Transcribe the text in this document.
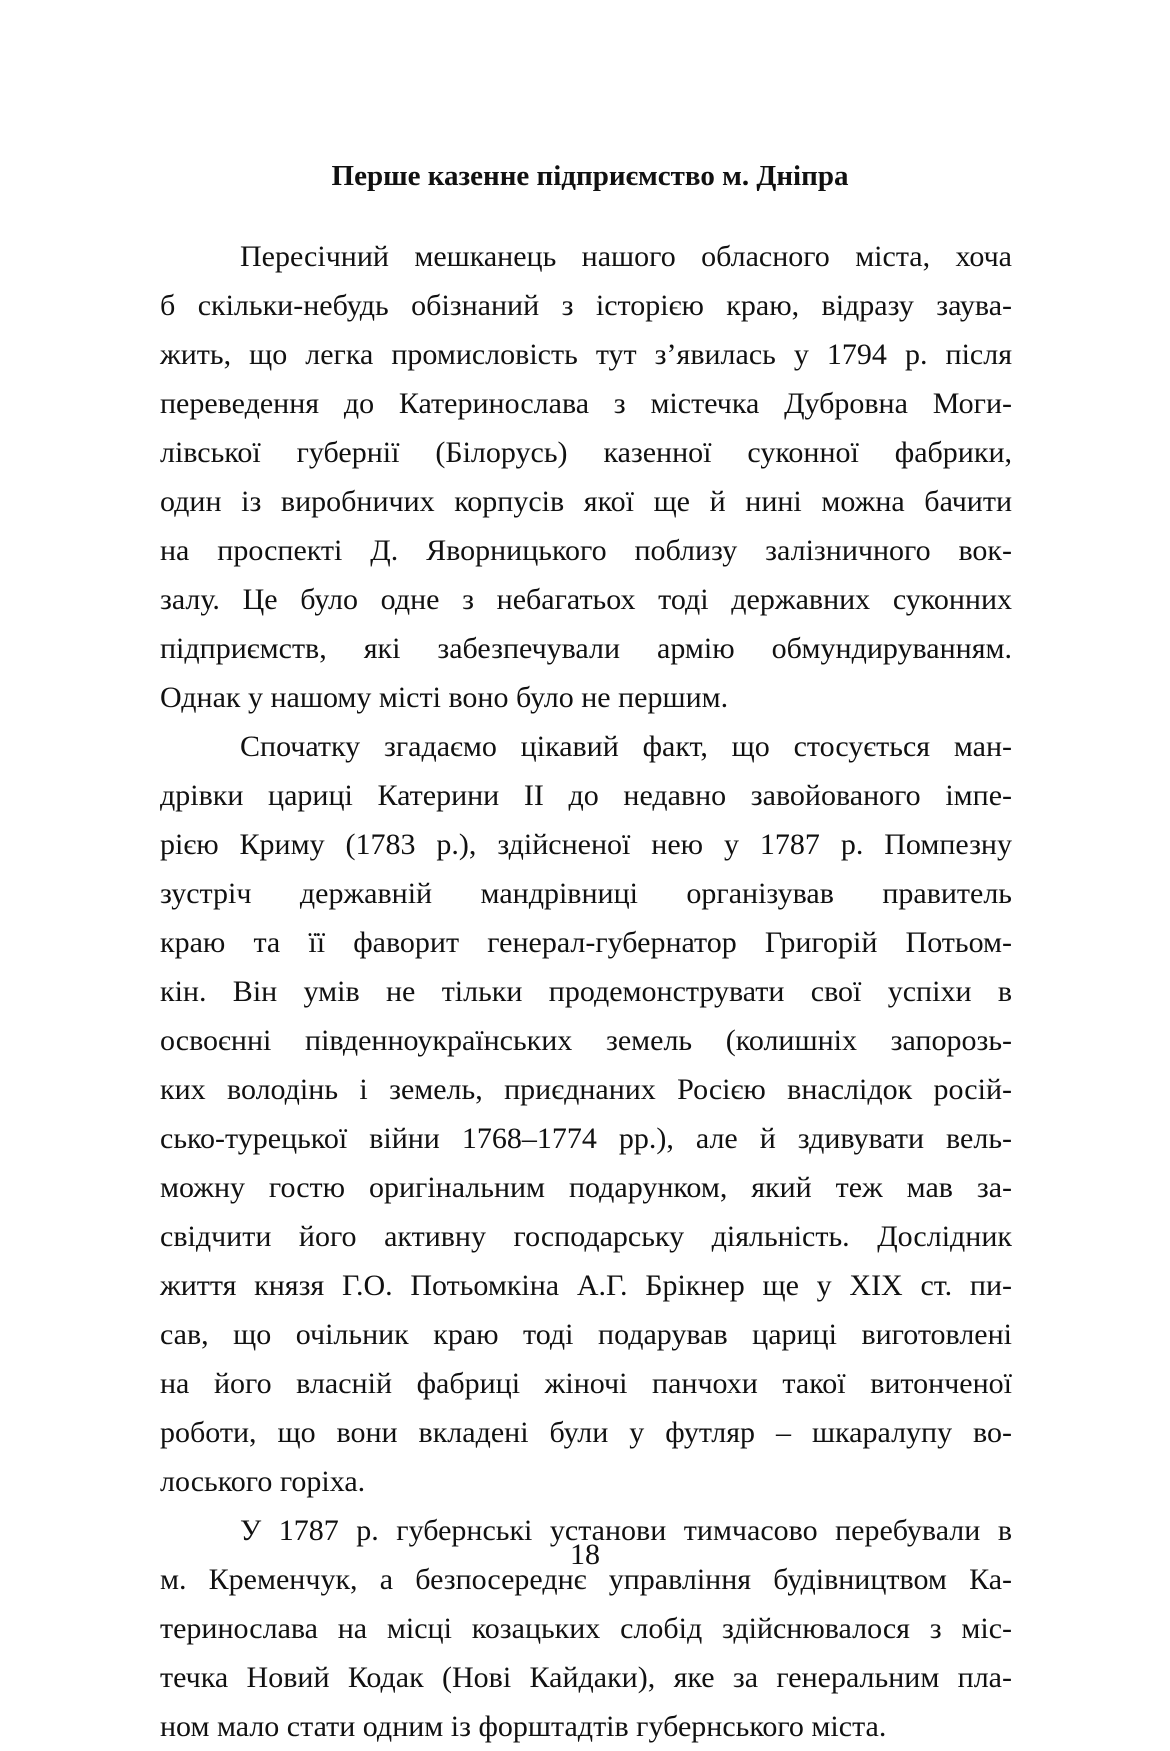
Перше казенне підприємство м. Дніпра
Пересічний мешканець нашого обласного міста, хоча
б скільки-небудь обізнаний з історією краю, відразу заува-
жить, що легка промисловість тут з’явилась у 1794 р. після
переведення до Катеринослава з містечка Дубровна Моги-
лівської губернії (Білорусь) казенної суконної фабрики,
один із виробничих корпусів якої ще й нині можна бачити
на проспекті Д. Яворницького поблизу залізничного вок-
залу. Це було одне з небагатьох тоді державних суконних
підприємств, які забезпечували армію обмундируванням.
Однак у нашому місті воно було не першим.
Спочатку згадаємо цікавий факт, що стосується ман-
дрівки цариці Катерини II до недавно завойованого імпе-
рією Криму (1783 р.), здійсненої нею у 1787 р. Помпезну
зустріч державній мандрівниці організував правитель
краю та її фаворит генерал-губернатор Григорій Потьом-
кін. Він умів не тільки продемонструвати свої успіхи в
освоєнні південноукраїнських земель (колишніх запорозь-
ких володінь і земель, приєднаних Росією внаслідок росій-
сько-турецької війни 1768–1774 рр.), але й здивувати вель-
можну гостю оригінальним подарунком, який теж мав за-
свідчити його активну господарську діяльність. Дослідник
життя князя Г.О. Потьомкіна А.Г. Брікнер ще у XIX ст. пи-
сав, що очільник краю тоді подарував цариці виготовлені
на його власній фабриці жіночі панчохи такої витонченої
роботи, що вони вкладені були у футляр – шкаралупу во-
лоського горіха.
У 1787 р. губернські установи тимчасово перебували в
м. Кременчук, а безпосереднє управління будівництвом Ка-
теринослава на місці козацьких слобід здійснювалося з міс-
течка Новий Кодак (Нові Кайдаки), яке за генеральним пла-
ном мало стати одним із форштадтів губернського міста.
18
